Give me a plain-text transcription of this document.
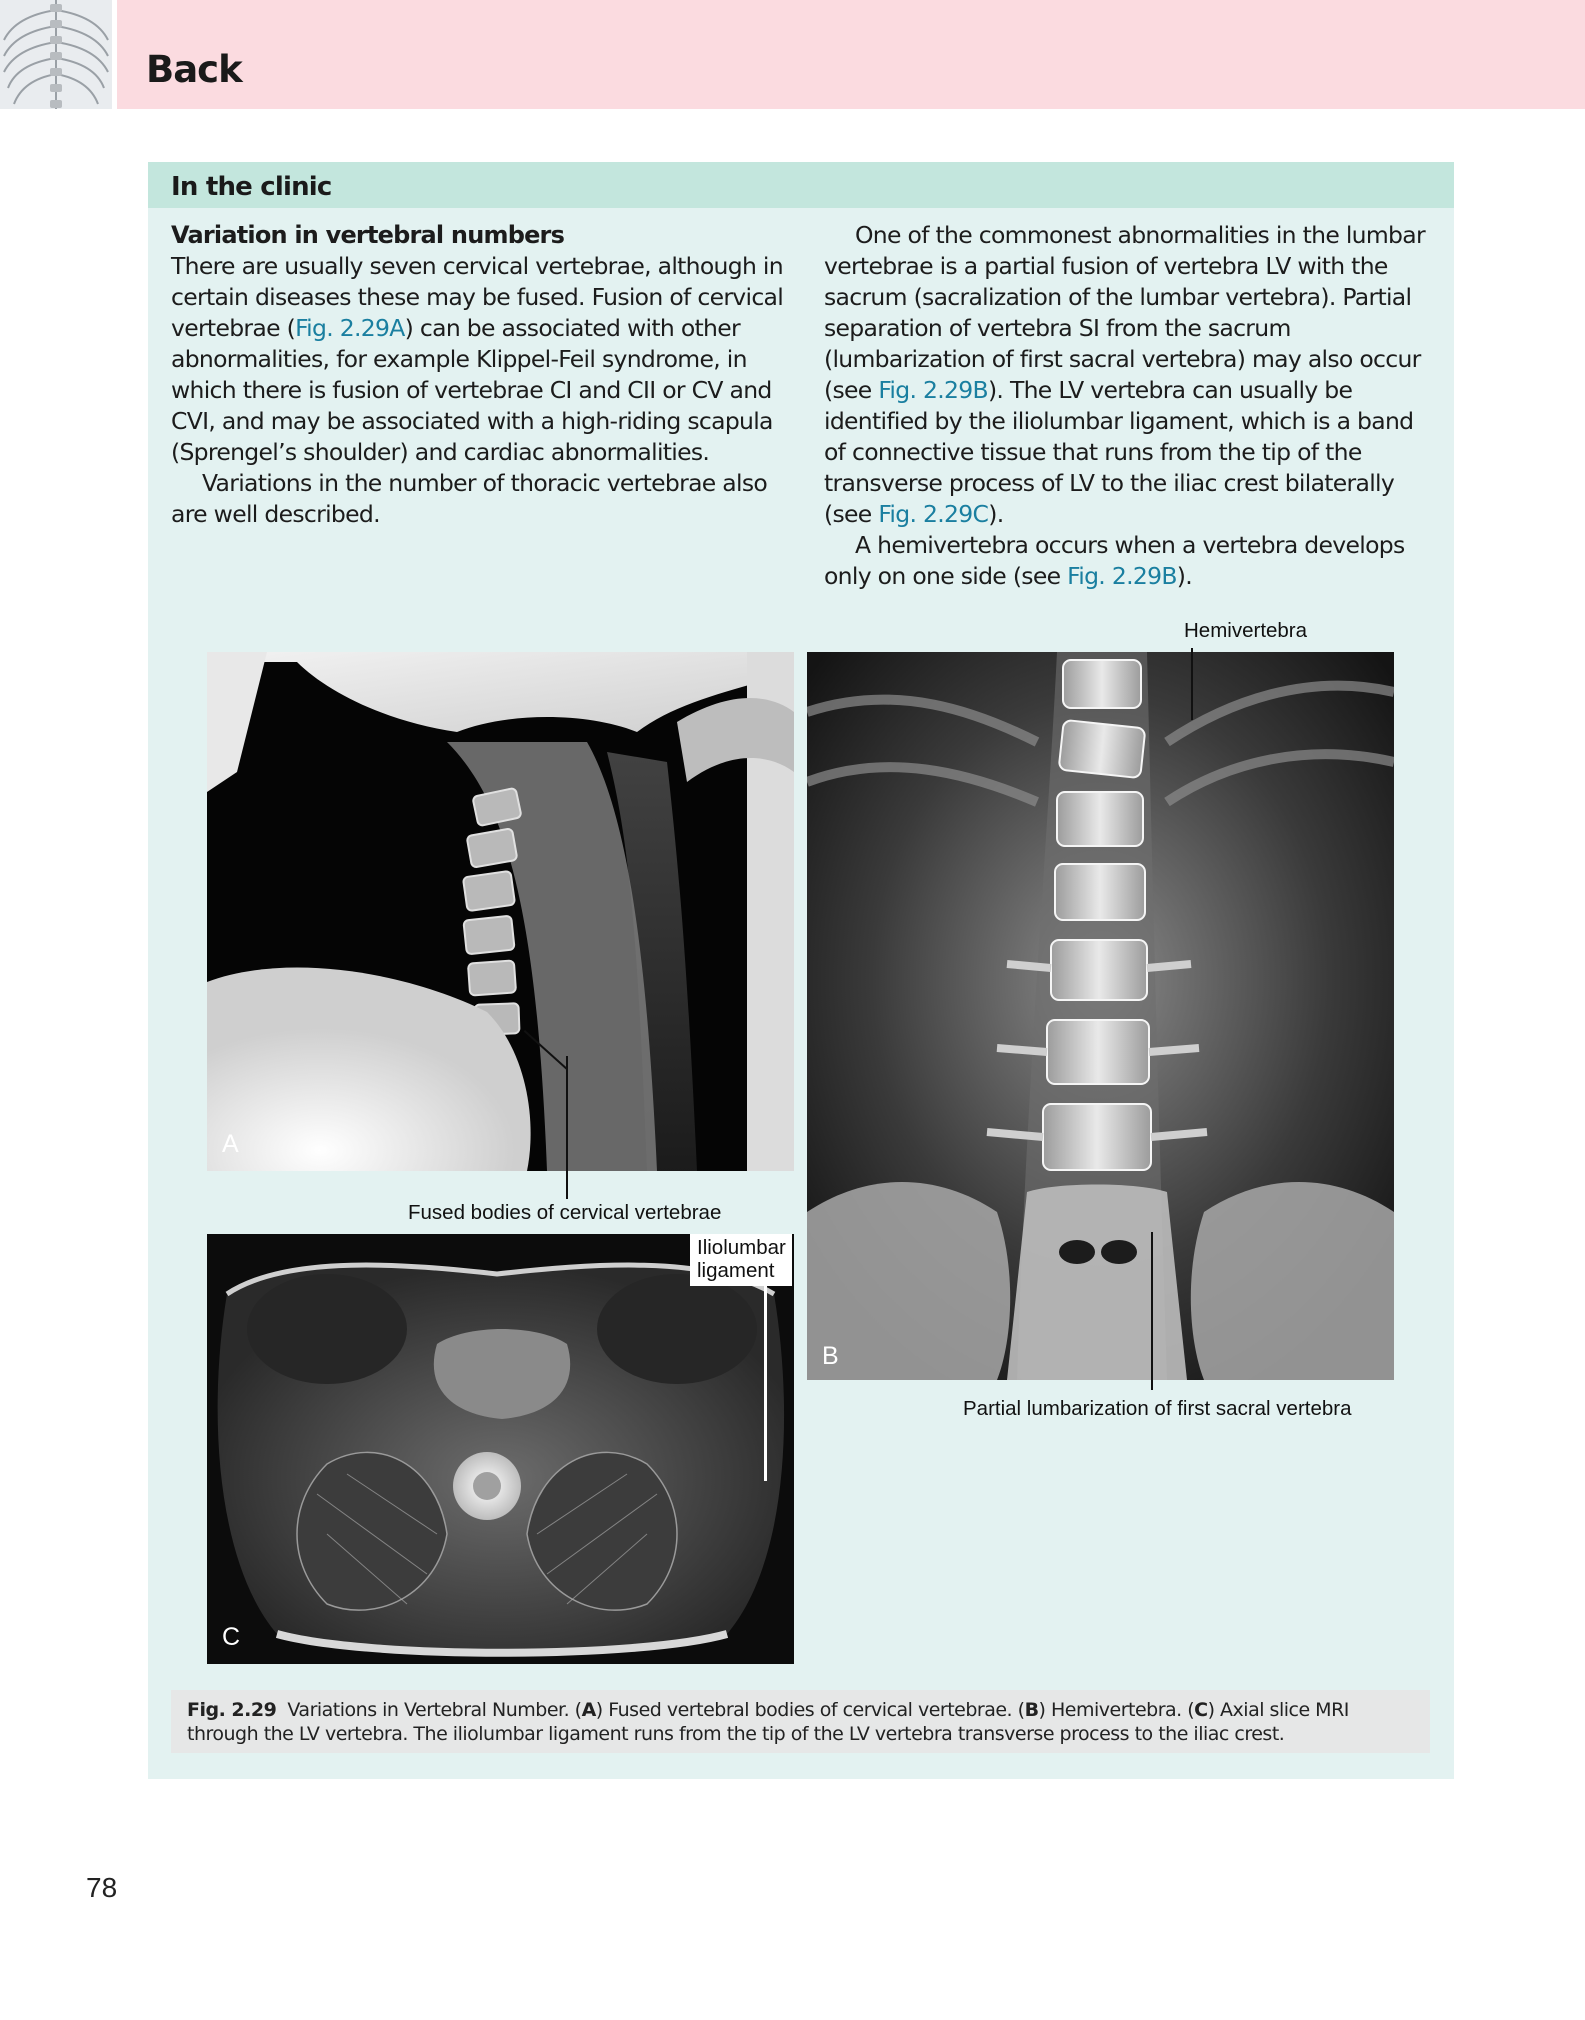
Back
In the clinic

Variation in vertebral numbers

There are usually seven cervical vertebrae, although in certain diseases these may be fused. Fusion of cervical vertebrae (Fig. 2.29A) can be associated with other abnormalities, for example Klippel-Feil syndrome, in which there is fusion of vertebrae CI and CII or CV and CVI, and may be associated with a high-riding scapula (Sprengel’s shoulder) and cardiac abnormalities.

Variations in the number of thoracic vertebrae also are well described.

One of the commonest abnormalities in the lumbar vertebrae is a partial fusion of vertebra LV with the sacrum (sacralization of the lumbar vertebra). Partial separation of vertebra SI from the sacrum (lumbarization of first sacral vertebra) may also occur (see Fig. 2.29B). The LV vertebra can usually be identified by the iliolumbar ligament, which is a band of connective tissue that runs from the tip of the transverse process of LV to the iliac crest bilaterally (see Fig. 2.29C).

A hemivertebra occurs when a vertebra develops only on one side (see Fig. 2.29B).

A
Fused bodies of cervical vertebrae
Hemivertebra
B
Partial lumbarization of first sacral vertebra
C
Iliolumbar
ligament
Fig. 2.29 Variations in Vertebral Number. (A) Fused vertebral bodies of cervical vertebrae. (B) Hemivertebra. (C) Axial slice MRI through the LV vertebra. The iliolumbar ligament runs from the tip of the LV vertebra transverse process to the iliac crest.
78
